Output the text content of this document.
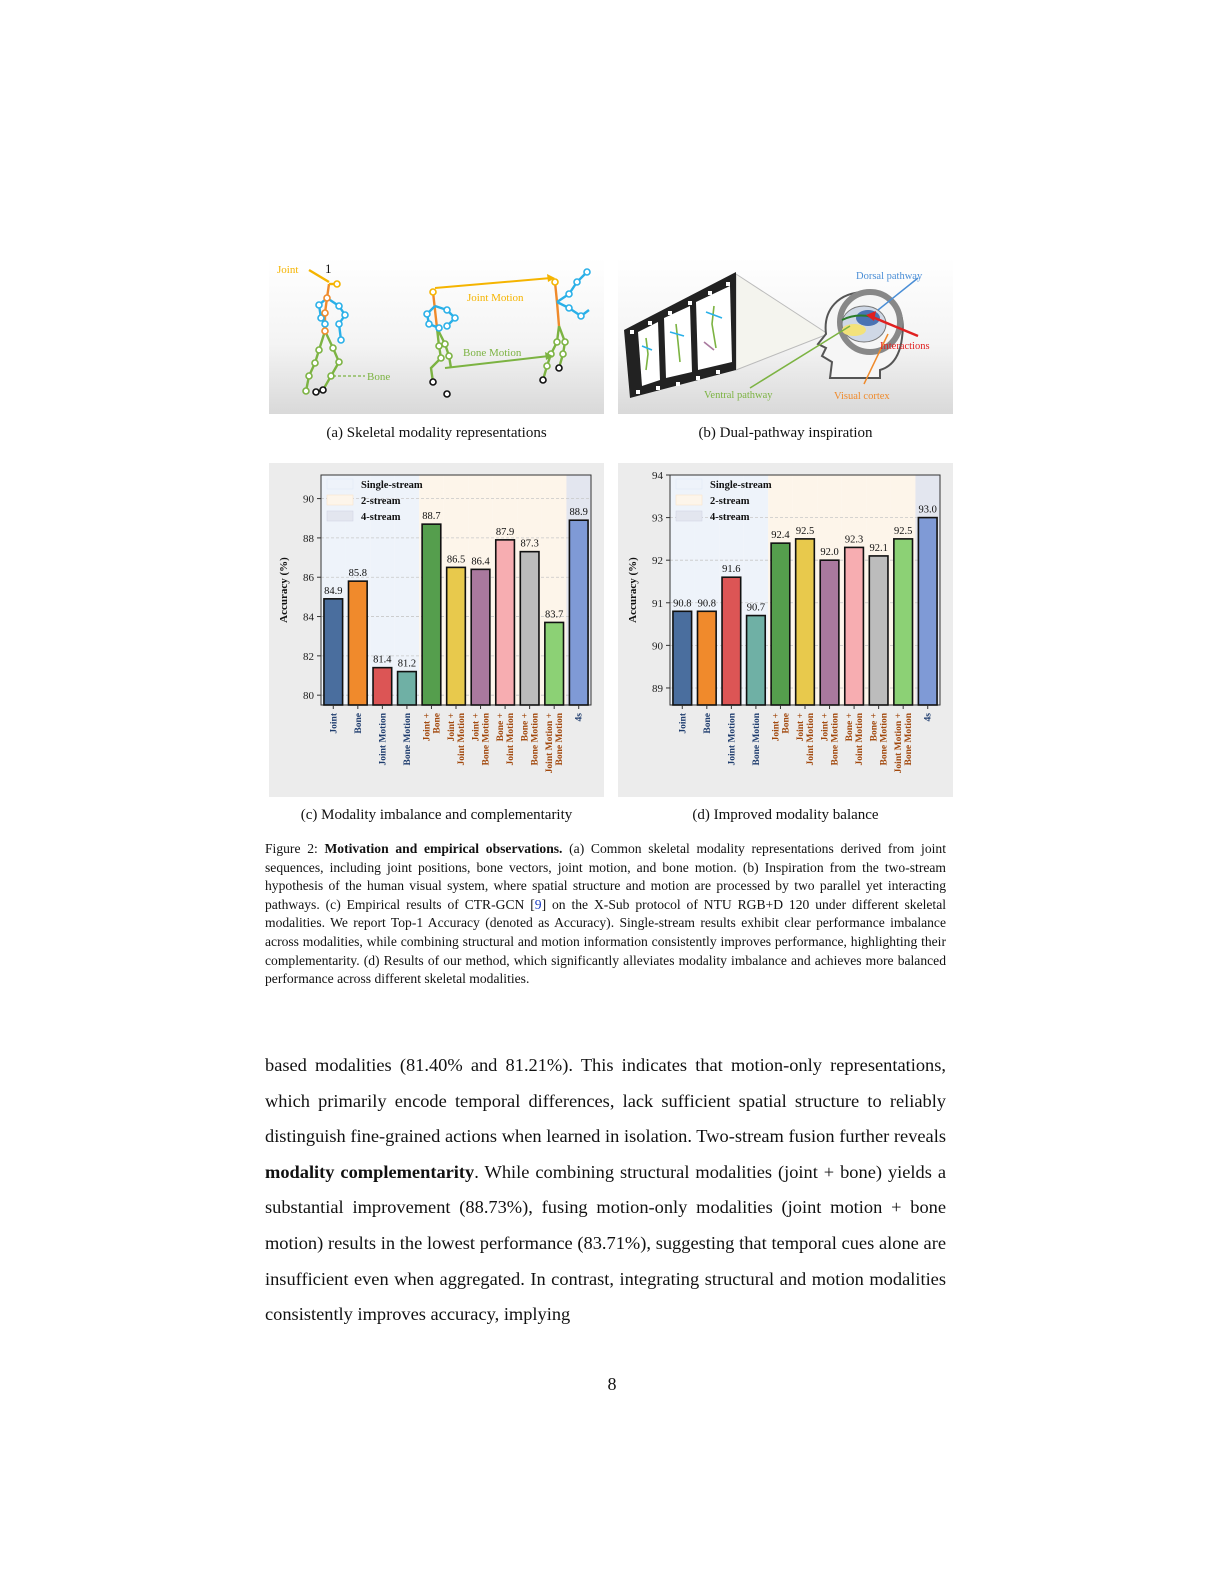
Joint 1
Joint Motion
Bone Motion
Bone
(a) Skeletal modality representations
Dorsal pathway
Interactions
Ventral pathway	Visual cortex
(b) Dual-pathway inspiration
80
82
84
86
88
90
Accuracy (%)	84.9
Joint
85.8
Bone
81.4
Joint Motion
81.2
Bone Motion
88.7
Joint + Bone
86.5
Joint + Joint Motion
86.4
Joint + Bone Motion
87.9
Bone + Joint Motion
87.3
Bone + Bone Motion
83.7
Joint Motion + Bone Motion
88.9
4s
Single-stream
2-stream
4-stream
(c) Modality imbalance and complementarity
89
90
91
92
93
94
Accuracy (%)	90.8
Joint
90.8
Bone
91.6
Joint Motion
90.7
Bone Motion
92.4
Joint + Bone
92.5
Joint + Joint Motion
92.0
Joint + Bone Motion
92.3
Bone + Joint Motion
92.1
Bone + Bone Motion
92.5
Joint Motion + Bone Motion
93.0
4s
Single-stream
2-stream
4-stream
(d) Improved modality balance
Figure 2: Motivation and empirical observations. (a) Common skeletal modality representations derived from joint sequences, including joint positions, bone vectors, joint motion, and bone motion. (b) Inspiration from the two-stream hypothesis of the human visual system, where spatial structure and motion are processed by two parallel yet interacting pathways. (c) Empirical results of CTR-GCN [9] on the X-Sub protocol of NTU RGB+D 120 under different skeletal modalities. We report Top-1 Accuracy (denoted as Accuracy). Single-stream results exhibit clear performance imbalance across modalities, while combining structural and motion information consistently improves performance, highlighting their complementarity. (d) Results of our method, which significantly alleviates modality imbalance and achieves more balanced performance across different skeletal modalities.

based modalities (81.40% and 81.21%). This indicates that motion-only representations, which primarily encode temporal differences, lack sufficient spatial structure to reliably distinguish fine-grained actions when learned in isolation. Two-stream fusion further reveals modality complementarity. While combining structural modalities (joint + bone) yields a substantial improvement (88.73%), fusing motion-only modalities (joint motion + bone motion) results in the lowest performance (83.71%), suggesting that temporal cues alone are insufficient even when aggregated. In contrast, integrating structural and motion modalities consistently improves accuracy, implying

8
